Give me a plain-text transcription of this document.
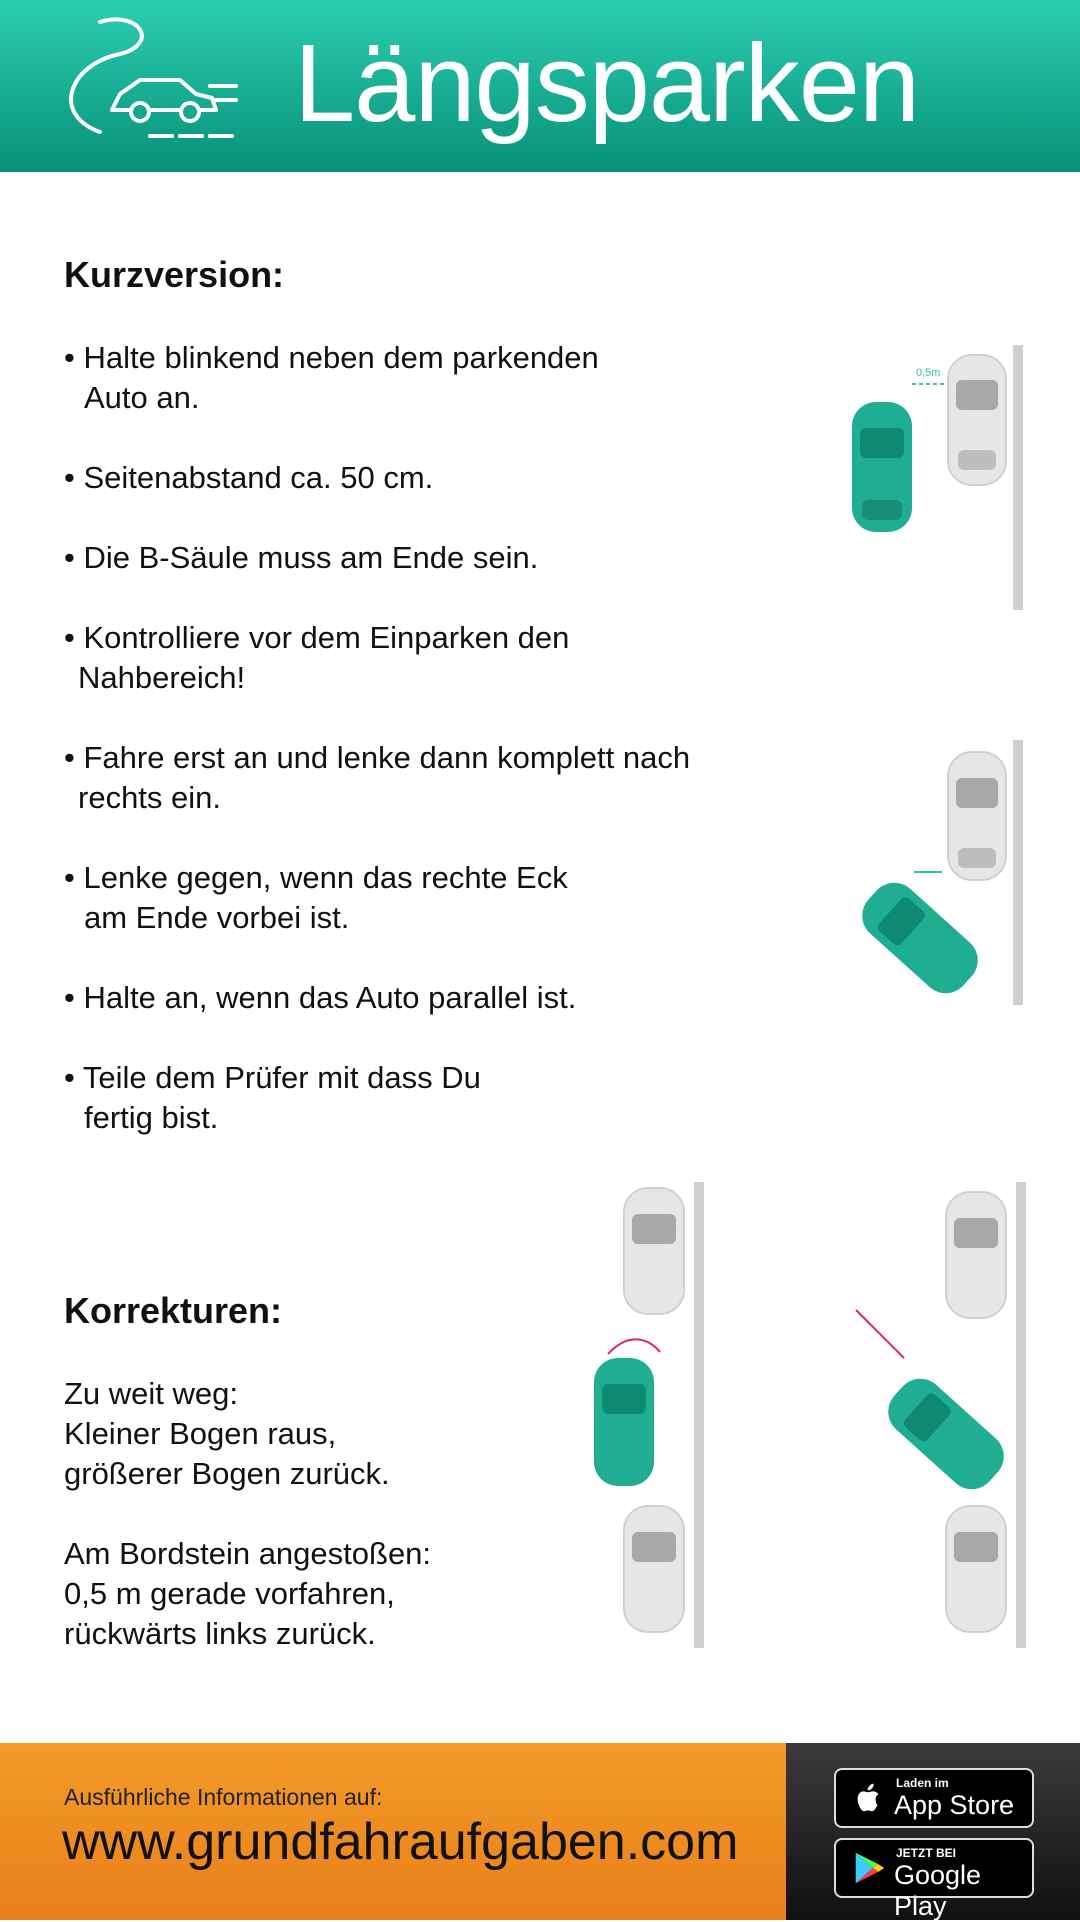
Längsparken
Kurzversion:
• Halte blinkend neben dem parkenden
Auto an.
• Seitenabstand ca. 50 cm.
• Die B-Säule muss am Ende sein.
• Kontrolliere vor dem Einparken den
Nahbereich!
• Fahre erst an und lenke dann komplett nach
rechts ein.
• Lenke gegen, wenn das rechte Eck
am Ende vorbei ist.
• Halte an, wenn das Auto parallel ist.
• Teile dem Prüfer mit dass Du
fertig bist.
0,5m
Korrekturen:
Zu weit weg:
Kleiner Bogen raus,
größerer Bogen zurück.
Am Bordstein angestoßen:
0,5 m gerade vorfahren,
rückwärts links zurück.
Ausführliche Informationen auf:
www.grundfahraufgaben.com
Laden im
App Store
JETZT BEI
Google Play
